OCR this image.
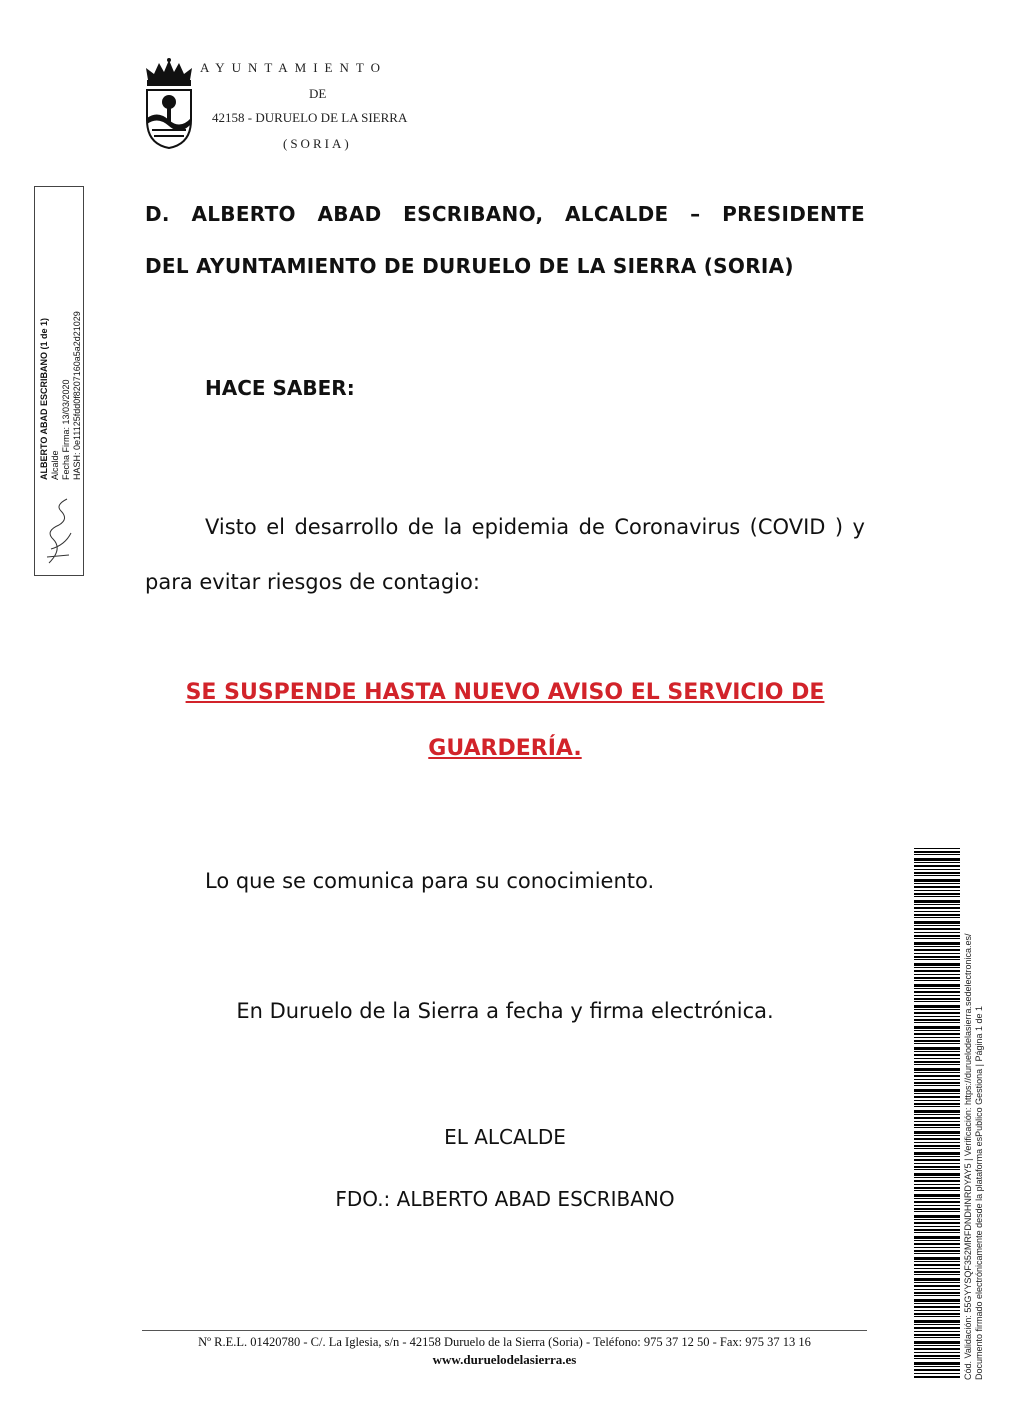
AYUNTAMIENTO
DE
42158 - DURUELO DE LA SIERRA
(SORIA)
ALBERTO ABAD ESCRIBANO (1 de 1) Alcalde Fecha Firma: 13/03/2020 HASH: 0e11125fdd0f8207160a5a2d21029
D. ALBERTO ABAD ESCRIBANO, ALCALDE – PRESIDENTE
DEL AYUNTAMIENTO DE DURUELO DE LA SIERRA (SORIA)
HACE SABER:

Visto el desarrollo de la epidemia de Coronavirus (COVID ) y para evitar riesgos de contagio:

SE SUSPENDE HASTA NUEVO AVISO EL SERVICIO DE
GUARDERÍA.
Lo que se comunica para su conocimiento.
En Duruelo de la Sierra a fecha y firma electrónica.
EL ALCALDE
FDO.: ALBERTO ABAD ESCRIBANO
Nº R.E.L. 01420780 - C/. La Iglesia, s/n - 42158 Duruelo de la Sierra (Soria) - Teléfono: 975 37 12 50 - Fax: 975 37 13 16
www.duruelodelasierra.es	Cód. Validación: 55GYYSQF352MRFDNDHNRDYAY5 | Verificación: https://duruelodelasierra.sedelectronica.es/ Documento firmado electrónicamente desde la plataforma esPublico Gestiona | Página 1 de 1
